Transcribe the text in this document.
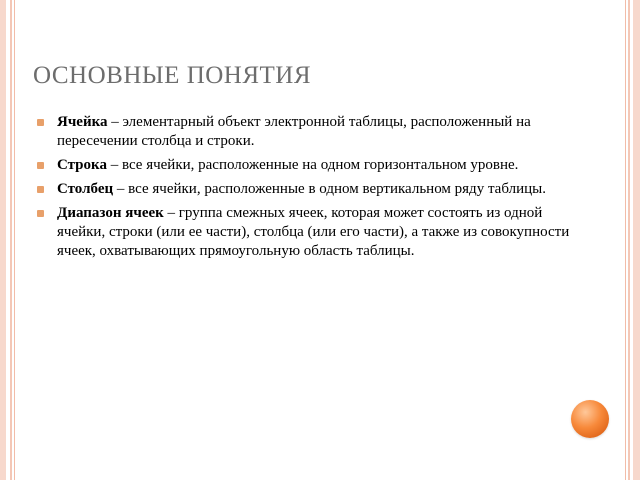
ОСНОВНЫЕ ПОНЯТИЯ
Ячейка – элементарный объект электронной таблицы, расположенный на пересечении столбца и строки.
Строка – все ячейки, расположенные на одном горизонтальном уровне.
Столбец – все ячейки, расположенные в одном вертикальном ряду таблицы.
Диапазон ячеек – группа смежных ячеек, которая может состоять из одной ячейки, строки (или ее части), столбца (или его части), а также из совокупности ячеек, охватывающих прямоугольную область таблицы.
